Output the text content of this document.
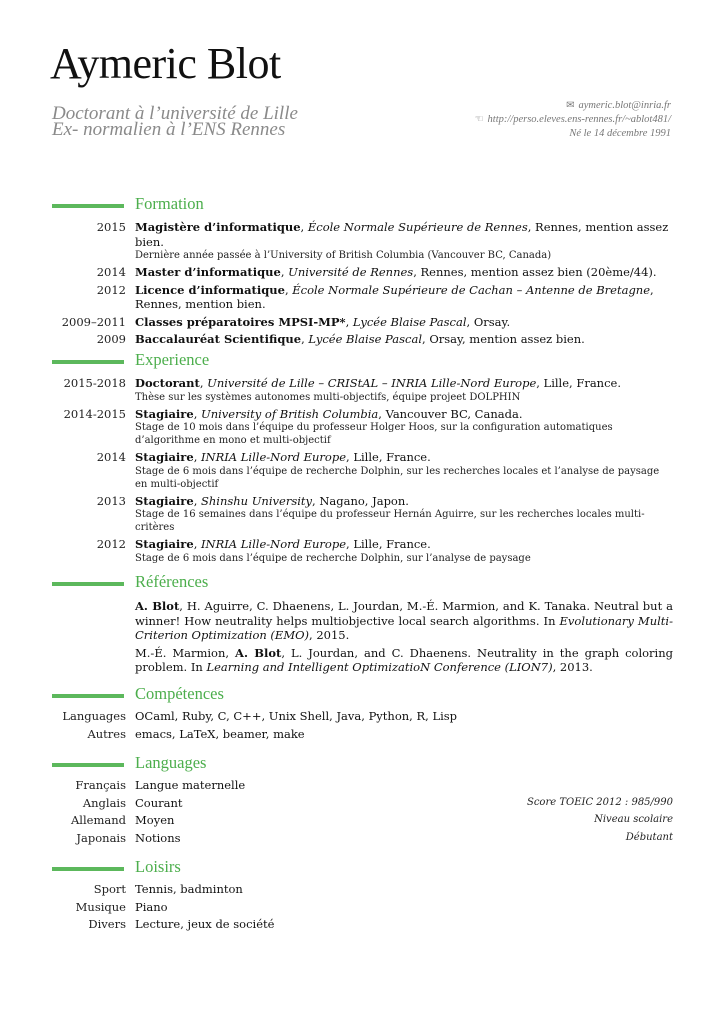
Aymeric Blot
Doctorant à l’université de Lille
Ex- normalien à l’ENS Rennes
✉ aymeric.blot@inria.fr
☜ http://perso.eleves.ens-rennes.fr/~ablot481/
Né le 14 décembre 1991
Formation
2015 Magistère d’informatique, École Normale Supérieure de Rennes, Rennes, mention assez bien.
Dernière année passée à l’University of British Columbia (Vancouver BC, Canada)
2014 Master d’informatique, Université de Rennes, Rennes, mention assez bien (20ème/44).
2012 Licence d’informatique, École Normale Supérieure de Cachan – Antenne de Bretagne, Rennes, mention bien.
2009–2011 Classes préparatoires MPSI-MP*, Lycée Blaise Pascal, Orsay.
2009 Baccalauréat Scientifique, Lycée Blaise Pascal, Orsay, mention assez bien.
Experience
2015-2018 Doctorant, Université de Lille – CRIStAL – INRIA Lille-Nord Europe, Lille, France.
Thèse sur les systèmes autonomes multi-objectifs, équipe projeet DOLPHIN
2014-2015 Stagiaire, University of British Columbia, Vancouver BC, Canada.
Stage de 10 mois dans l’équipe du professeur Holger Hoos, sur la configuration automatiques d’algorithme en mono et multi-objectif
2014 Stagiaire, INRIA Lille-Nord Europe, Lille, France.
Stage de 6 mois dans l’équipe de recherche Dolphin, sur les recherches locales et l’analyse de paysage en multi-objectif
2013 Stagiaire, Shinshu University, Nagano, Japon.
Stage de 16 semaines dans l’équipe du professeur Hernán Aguirre, sur les recherches locales multi-critères
2012 Stagiaire, INRIA Lille-Nord Europe, Lille, France.
Stage de 6 mois dans l’équipe de recherche Dolphin, sur l’analyse de paysage
Références
A. Blot, H. Aguirre, C. Dhaenens, L. Jourdan, M.-É. Marmion, and K. Tanaka. Neutral but a winner! How neutrality helps multiobjective local search algorithms. In Evolutionary Multi-Criterion Optimization (EMO), 2015.
M.-É. Marmion, A. Blot, L. Jourdan, and C. Dhaenens. Neutrality in the graph coloring problem. In Learning and Intelligent OptimizatioN Conference (LION7), 2013.
Compétences
Languages OCaml, Ruby, C, C++, Unix Shell, Java, Python, R, Lisp
Autres emacs, LaTeX, beamer, make
Languages
Français Langue maternelle
Anglais Courant	Score TOEIC 2012 : 985/990
Allemand Moyen	Niveau scolaire
Japonais Notions	Débutant
Loisirs
Sport Tennis, badminton
Musique Piano
Divers Lecture, jeux de société
